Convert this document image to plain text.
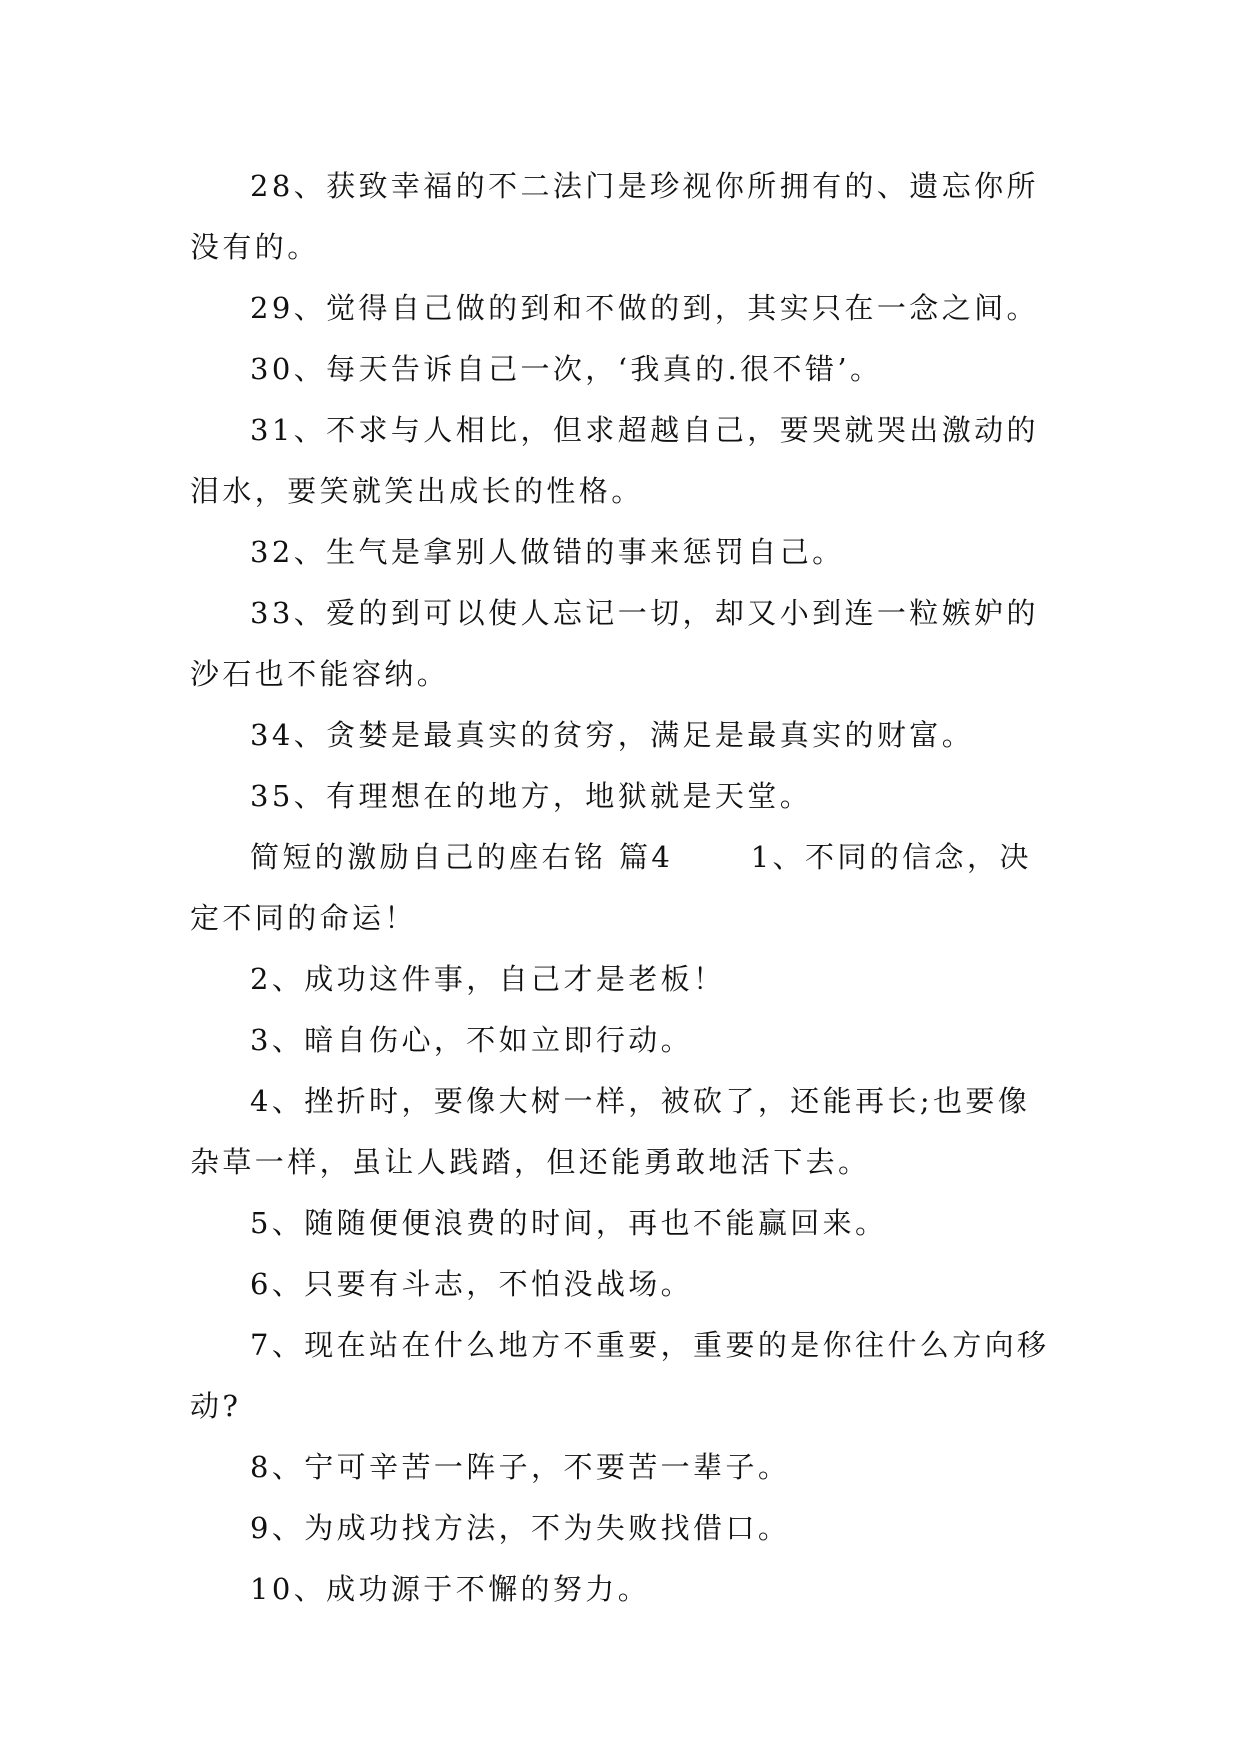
28、获致幸福的不二法门是珍视你所拥有的、遗忘你所没有的。

29、觉得自己做的到和不做的到，其实只在一念之间。

30、每天告诉自己一次，‘我真的.很不错’。

31、不求与人相比，但求超越自己，要哭就哭出激动的泪水，要笑就笑出成长的性格。

32、生气是拿别人做错的事来惩罚自己。

33、爱的到可以使人忘记一切，却又小到连一粒嫉妒的沙石也不能容纳。

34、贪婪是最真实的贫穷，满足是最真实的财富。

35、有理想在的地方，地狱就是天堂。

简短的激励自己的座右铭 篇4 　　1、不同的信念，决定不同的命运！

2、成功这件事，自己才是老板！

3、暗自伤心，不如立即行动。

4、挫折时，要像大树一样，被砍了，还能再长;也要像杂草一样，虽让人践踏，但还能勇敢地活下去。

5、随随便便浪费的时间，再也不能赢回来。

6、只要有斗志，不怕没战场。

7、现在站在什么地方不重要，重要的是你往什么方向移动?

8、宁可辛苦一阵子，不要苦一辈子。

9、为成功找方法，不为失败找借口。

10、成功源于不懈的努力。
